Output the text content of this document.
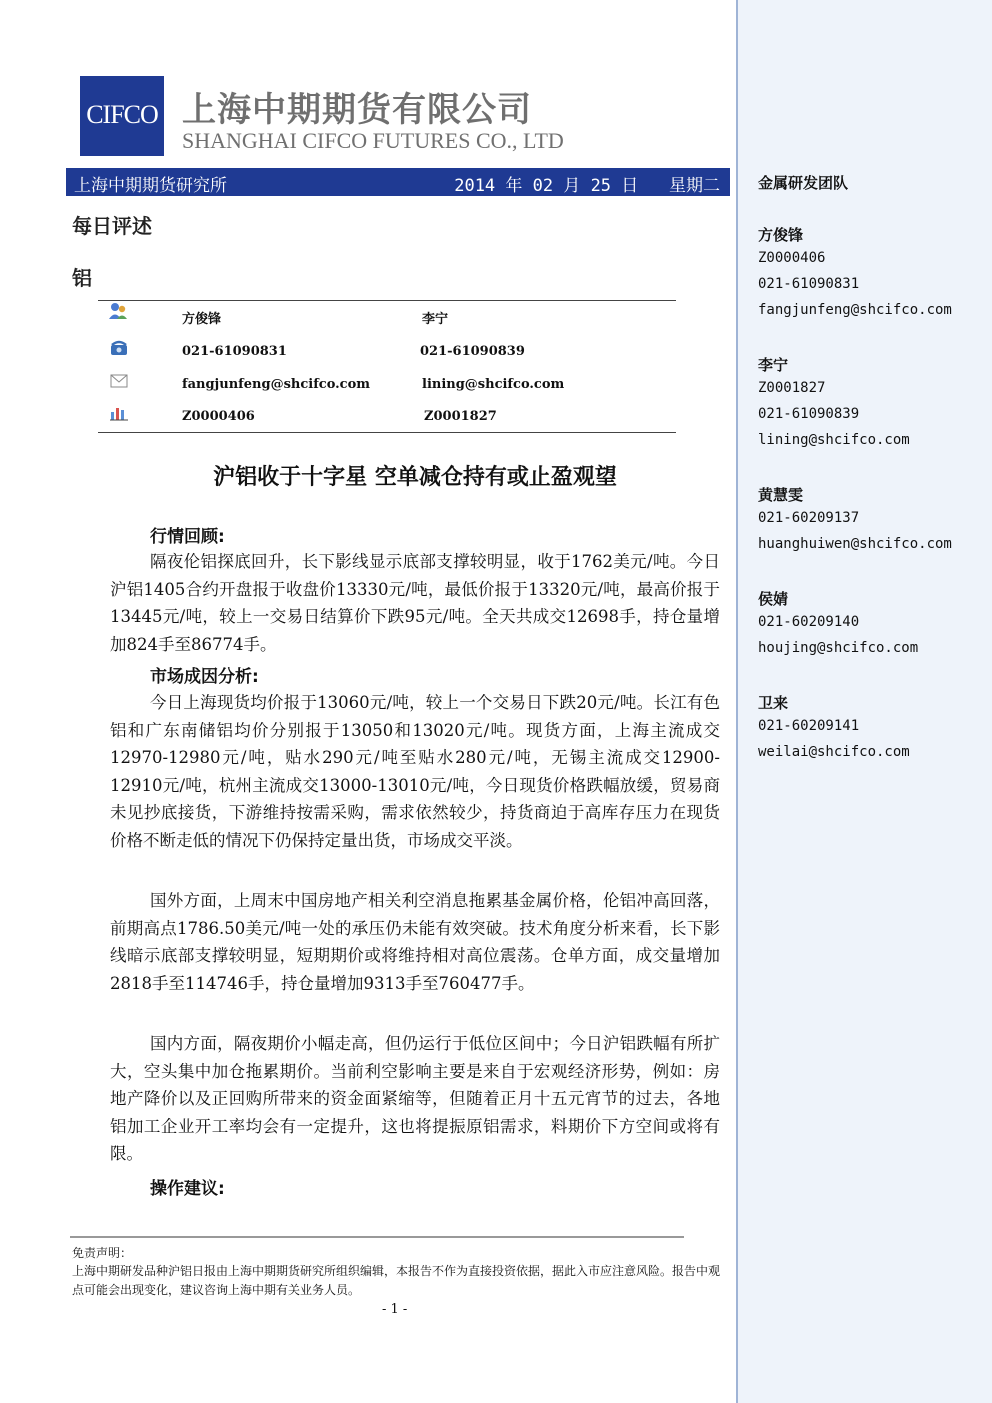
金属研发团队
方俊锋
Z0000406
021-61090831
fangjunfeng@shcifco.com
李宁
Z0001827
021-61090839
lining@shcifco.com
黄慧雯
021-60209137
huanghuiwen@shcifco.com
侯婧
021-60209140
houjing@shcifco.com
卫来
021-60209141
weilai@shcifco.com
CIFCO 上海中期期货有限公司
SHANGHAI CIFCO FUTURES CO., LTD
上海中期期货研究所	2014 年 02 月 25 日 星期二
每日评述
铝
方俊锋	李宁
021-61090831	021-61090839
fangjunfeng@shcifco.com	lining@shcifco.com
Z0000406	Z0001827
沪铝收于十字星 空单减仓持有或止盈观望
行情回顾:
隔夜伦铝探底回升，长下影线显示底部支撑较明显，收于1762美元/吨。今日沪铝1405合约开盘报于收盘价13330元/吨，最低价报于13320元/吨，最高价报于13445元/吨，较上一交易日结算价下跌95元/吨。全天共成交12698手，持仓量增加824手至86774手。
市场成因分析:
今日上海现货均价报于13060元/吨，较上一个交易日下跌20元/吨。长江有色铝和广东南储铝均价分别报于13050和13020元/吨。现货方面，上海主流成交12970-12980元/吨，贴水290元/吨至贴水280元/吨，无锡主流成交12900-12910元/吨，杭州主流成交13000-13010元/吨，今日现货价格跌幅放缓，贸易商未见抄底接货，下游维持按需采购，需求依然较少，持货商迫于高库存压力在现货价格不断走低的情况下仍保持定量出货，市场成交平淡。
国外方面，上周末中国房地产相关利空消息拖累基金属价格，伦铝冲高回落，前期高点1786.50美元/吨一处的承压仍未能有效突破。技术角度分析来看，长下影线暗示底部支撑较明显，短期期价或将维持相对高位震荡。仓单方面，成交量增加2818手至114746手，持仓量增加9313手至760477手。
国内方面，隔夜期价小幅走高，但仍运行于低位区间中；今日沪铝跌幅有所扩大，空头集中加仓拖累期价。当前利空影响主要是来自于宏观经济形势，例如：房地产降价以及正回购所带来的资金面紧缩等，但随着正月十五元宵节的过去，各地铝加工企业开工率均会有一定提升，这也将提振原铝需求，料期价下方空间或将有限。
操作建议:
免责声明：
上海中期研发品种沪铝日报由上海中期期货研究所组织编辑，本报告不作为直接投资依据，据此入市应注意风险。报告中观点可能会出现变化，建议咨询上海中期有关业务人员。
- 1 -
